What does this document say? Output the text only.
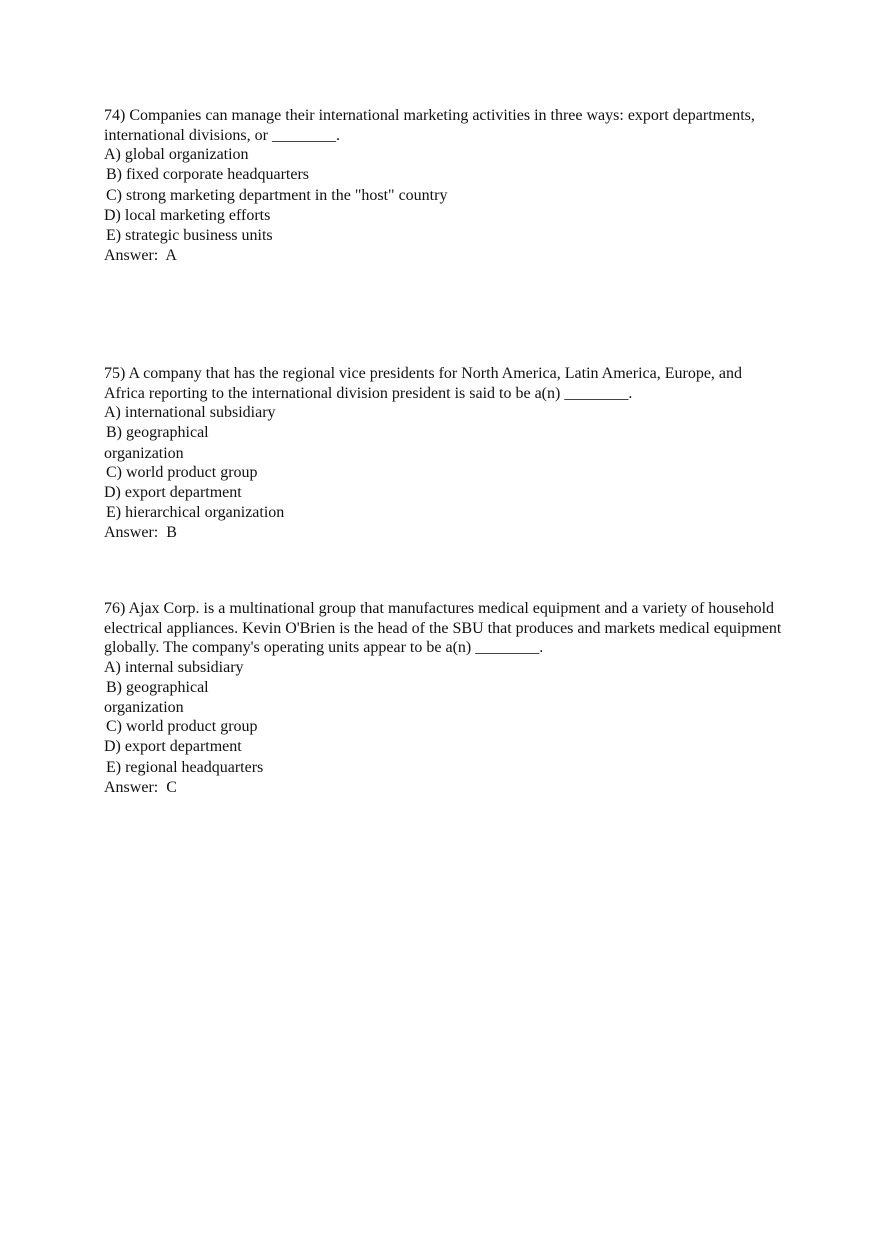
74) Companies can manage their international marketing activities in three ways: export departments, international divisions, or ________.

A) global organization
B) fixed corporate headquarters
C) strong marketing department in the "host" country
D) local marketing efforts
E) strategic business units

Answer:  A

75) A company that has the regional vice presidents for North America, Latin America, Europe, and Africa reporting to the international division president is said to be a(n) ________.

A) international subsidiary
B) geographical
organization
C) world product group
D) export department
E) hierarchical organization

Answer:  B

76) Ajax Corp. is a multinational group that manufactures medical equipment and a variety of household electrical appliances. Kevin O'Brien is the head of the SBU that produces and markets medical equipment globally. The company's operating units appear to be a(n) ________.

A) internal subsidiary
B) geographical
organization
C) world product group
D) export department
E) regional headquarters

Answer:  C
